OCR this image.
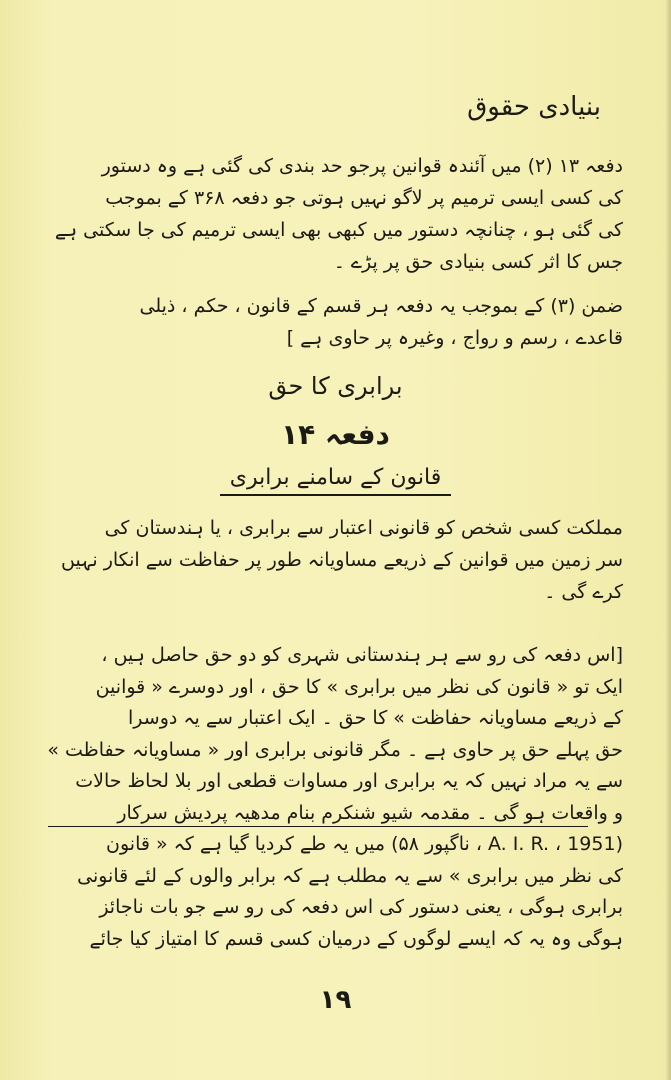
بنیادی حقوق

دفعہ ۱۳ (۲) میں آئندہ قوانین پرجو حد بندی کی گئی ہے وہ دستور
کی کسی ایسی ترمیم پر لاگو نہیں ہوتی جو دفعہ ۳۶۸ کے بموجب
کی گئی ہو ، چنانچہ دستور میں کبھی بھی ایسی ترمیم کی جا سکتی ہے
جس کا اثر کسی بنیادی حق پر پڑے ۔

ضمن (۳) کے بموجب یہ دفعہ ہر قسم کے قانون ، حکم ، ذیلی
قاعدے ، رسم و رواج ، وغیرہ پر حاوی ہے ]

برابری کا حق
دفعہ ۱۴
قانون کے سامنے برابری

مملکت کسی شخص کو قانونی اعتبار سے برابری ، یا ہندستان کی
سر زمین میں قوانین کے ذریعے مساویانہ طور پر حفاظت سے انکار نہیں
کرے گی ۔

[اس دفعہ کی رو سے ہر ہندستانی شہری کو دو حق حاصل ہیں ،
ایک تو « قانون کی نظر میں برابری » کا حق ، اور دوسرے « قوانین
کے ذریعے مساویانہ حفاظت » کا حق ۔ ایک اعتبار سے یہ دوسرا
حق پہلے حق پر حاوی ہے ۔ مگر قانونی برابری اور « مساویانہ حفاظت »
سے یہ مراد نہیں کہ یہ برابری اور مساوات قطعی اور بلا لحاظ حالات
و واقعات ہو گی ۔ مقدمہ شیو شنکرم بنام مدھیہ پردیش سرکار
(A. I. R. ، 1951 ، ناگپور ۵۸) میں یہ طے کردیا گیا ہے کہ « قانون
کی نظر میں برابری » سے یہ مطلب ہے کہ برابر والوں کے لئے قانونی
برابری ہوگی ، یعنی دستور کی اس دفعہ کی رو سے جو بات ناجائز
ہوگی وہ یہ کہ ایسے لوگوں کے درمیان کسی قسم کا امتیاز کیا جائے

۱۹
